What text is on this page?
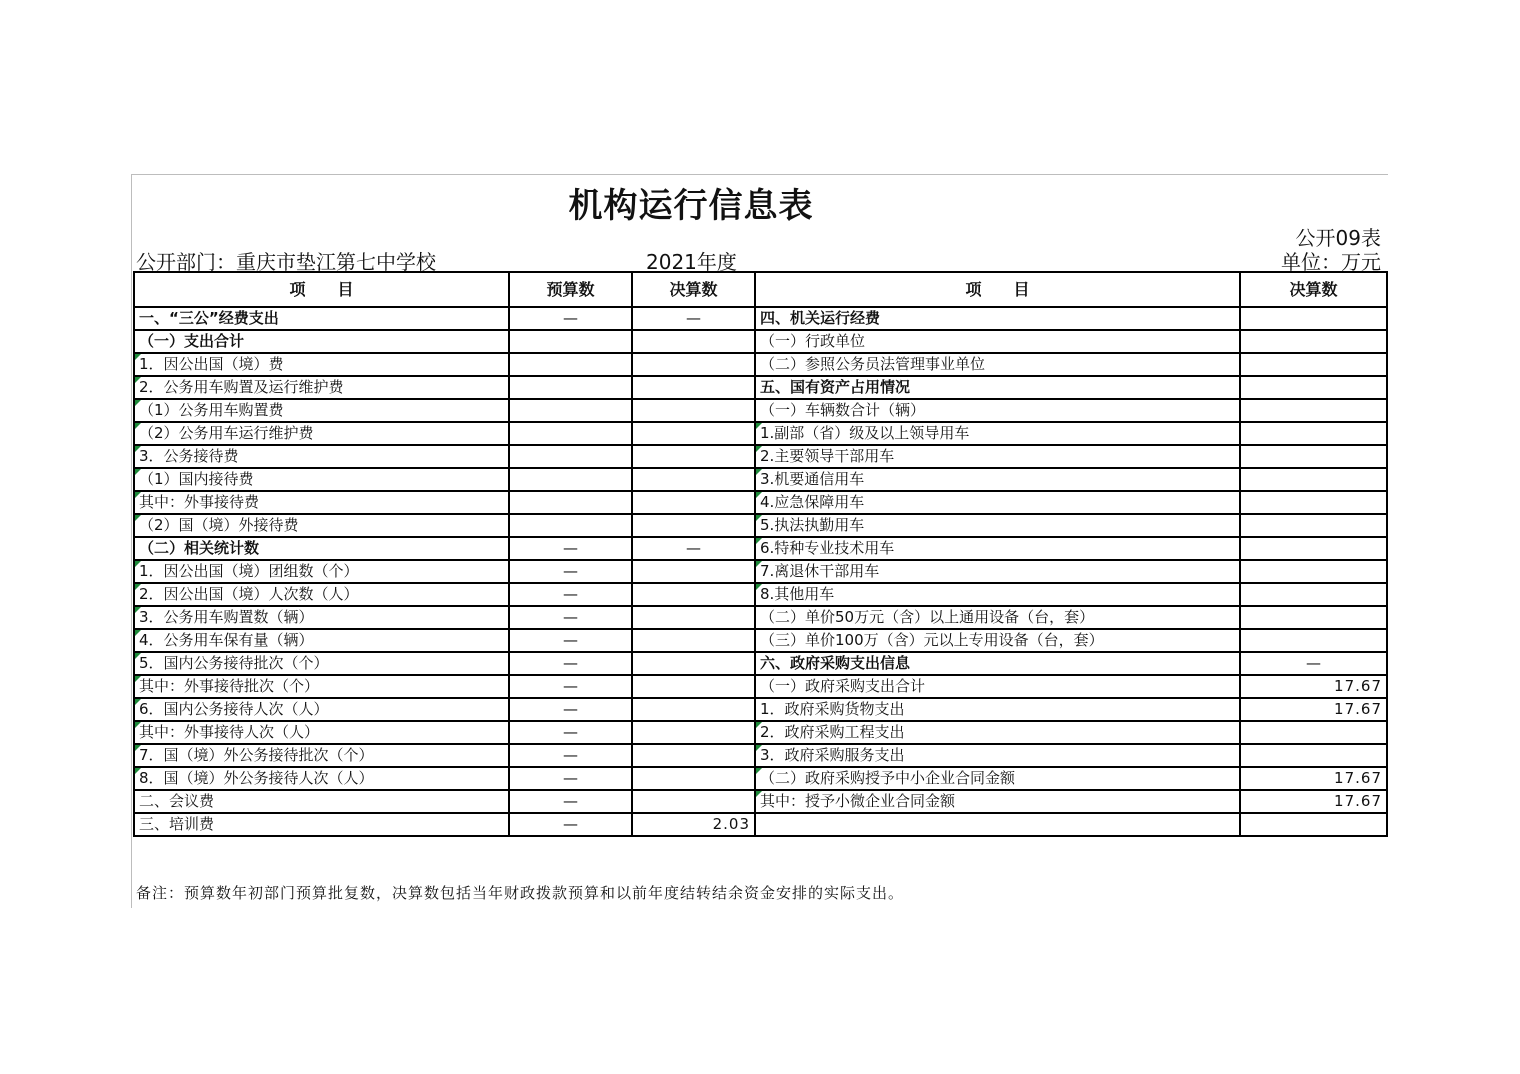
机构运行信息表
公开09表
公开部门：重庆市垫江第七中学校	2021年度	单位：万元
项　　目	预算数	决算数	项　　目	决算数
一、“三公”经费支出	—	—	四、机关运行经费	
（一）支出合计			（一）行政单位	
1．因公出国（境）费			（二）参照公务员法管理事业单位	
2．公务用车购置及运行维护费			五、国有资产占用情况	
（1）公务用车购置费			（一）车辆数合计（辆）	
（2）公务用车运行维护费			1.副部（省）级及以上领导用车	
3．公务接待费			2.主要领导干部用车	
（1）国内接待费			3.机要通信用车	
其中：外事接待费			4.应急保障用车	
（2）国（境）外接待费			5.执法执勤用车	
（二）相关统计数	—	—	6.特种专业技术用车	
1．因公出国（境）团组数（个）	—		7.离退休干部用车	
2．因公出国（境）人次数（人）	—		8.其他用车	
3．公务用车购置数（辆）	—		（二）单价50万元（含）以上通用设备（台，套）	
4．公务用车保有量（辆）	—		（三）单价100万（含）元以上专用设备（台，套）	
5．国内公务接待批次（个）	—		六、政府采购支出信息	—
其中：外事接待批次（个）	—		（一）政府采购支出合计	17.67
6．国内公务接待人次（人）	—		1．政府采购货物支出	17.67
其中：外事接待人次（人）	—		2．政府采购工程支出	
7．国（境）外公务接待批次（个）	—		3．政府采购服务支出	
8．国（境）外公务接待人次（人）	—		（二）政府采购授予中小企业合同金额	17.67
二、会议费	—		其中：授予小微企业合同金额	17.67
三、培训费	—	2.03		
备注：预算数年初部门预算批复数，决算数包括当年财政拨款预算和以前年度结转结余资金安排的实际支出。
